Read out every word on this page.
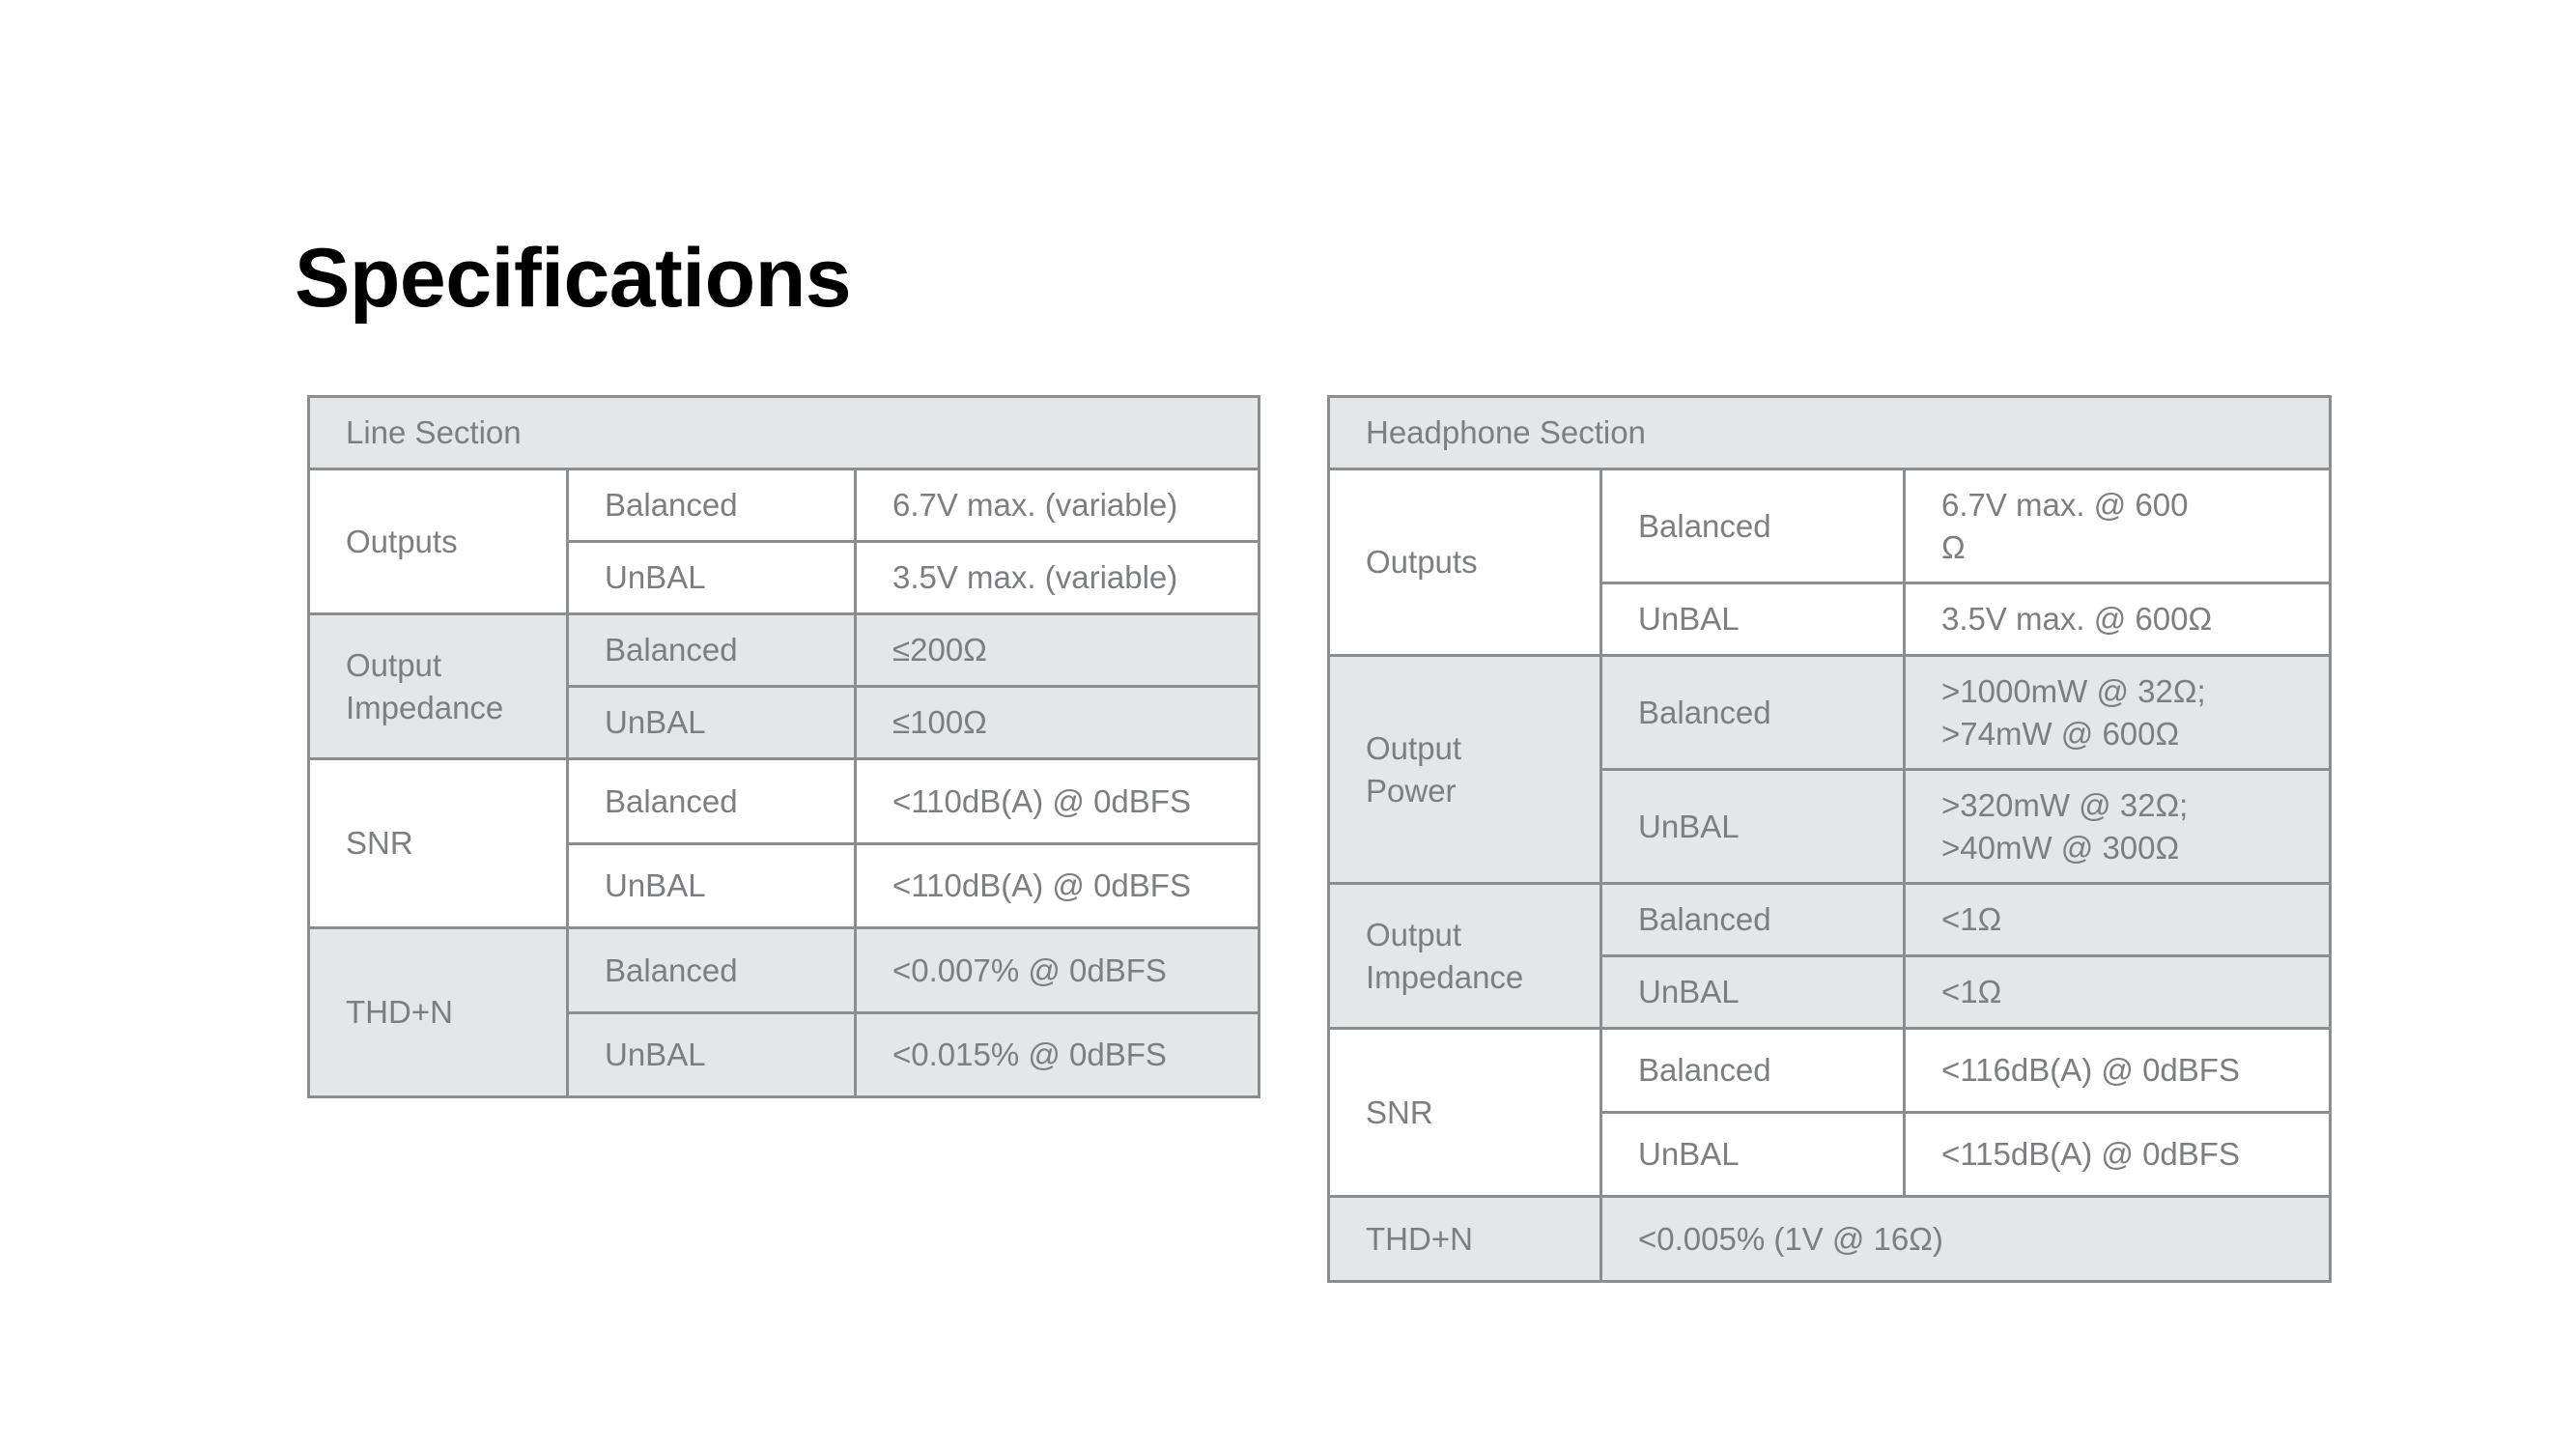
Specifications
Line Section		
Outputs	Balanced	6.7V max. (variable)
	UnBAL	3.5V max. (variable)
Output
Impedance	Balanced	≤200Ω
	UnBAL	≤100Ω
SNR	Balanced	<110dB(A) @ 0dBFS
	UnBAL	<110dB(A) @ 0dBFS
THD+N	Balanced	<0.007% @ 0dBFS
	UnBAL	<0.015% @ 0dBFS
Headphone Section		
Outputs	Balanced	6.7V max. @ 600
Ω
	UnBAL	3.5V max. @ 600Ω
Output
Power	Balanced	>1000mW @ 32Ω;
>74mW @ 600Ω
	UnBAL	>320mW @ 32Ω;
>40mW @ 300Ω
Output
Impedance	Balanced	<1Ω
	UnBAL	<1Ω
SNR	Balanced	<116dB(A) @ 0dBFS
	UnBAL	<115dB(A) @ 0dBFS
THD+N	<0.005% (1V @ 16Ω)	
